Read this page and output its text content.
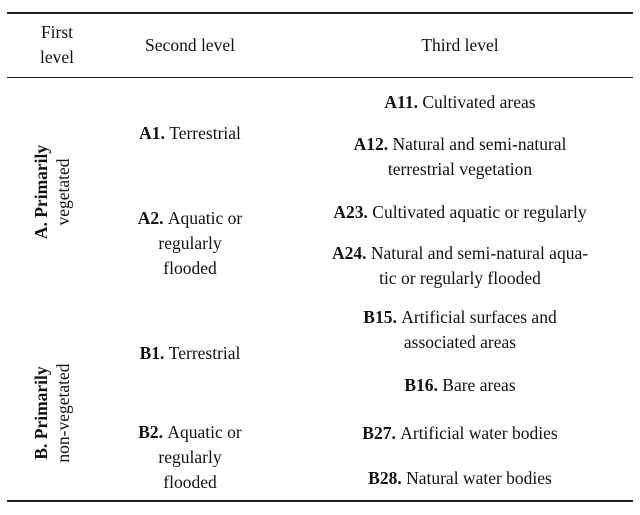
First
level
Second level	Third level
A. Primarily vegetated
A1. Terrestrial
A2. Aquatic or
regularly
flooded
A11. Cultivated areas
A12. Natural and semi-natural
terrestrial vegetation
A23. Cultivated aquatic or regularly
A24. Natural and semi-natural aqua-
tic or regularly flooded
B. Primarily non-vegetated
B1. Terrestrial
B2. Aquatic or
regularly
flooded
B15. Artificial surfaces and
associated areas
B16. Bare areas
B27. Artificial water bodies
B28. Natural water bodies
